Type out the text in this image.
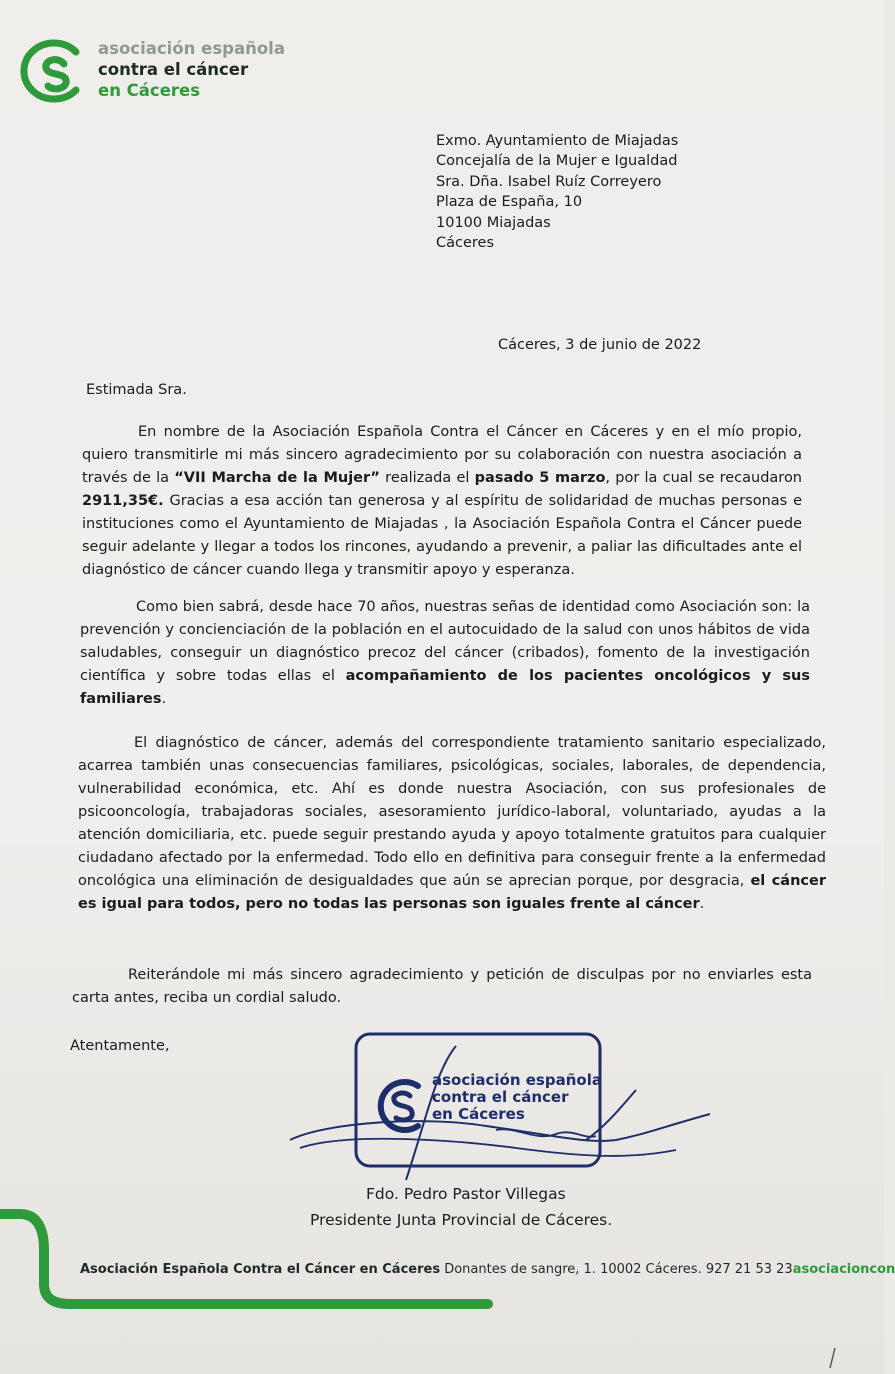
asociación española
contra el cáncer
en Cáceres
Exmo. Ayuntamiento de Miajadas
Concejalía de la Mujer e Igualdad
Sra. Dña. Isabel Ruíz Correyero
Plaza de España, 10
10100 Miajadas
Cáceres
Cáceres, 3 de junio de 2022
Estimada Sra.
En nombre de la Asociación Española Contra el Cáncer en Cáceres y en el mío propio, quiero transmitirle mi más sincero agradecimiento por su colaboración con nuestra asociación a través de la “VII Marcha de la Mujer” realizada el pasado 5 marzo, por la cual se recaudaron 2911,35€. Gracias a esa acción tan generosa y al espíritu de solidaridad de muchas personas e instituciones como el Ayuntamiento de Miajadas , la Asociación Española Contra el Cáncer puede seguir adelante y llegar a todos los rincones, ayudando a prevenir, a paliar las dificultades ante el diagnóstico de cáncer cuando llega y transmitir apoyo y esperanza.
Como bien sabrá, desde hace 70 años, nuestras señas de identidad como Asociación son: la prevención y concienciación de la población en el autocuidado de la salud con unos hábitos de vida saludables, conseguir un diagnóstico precoz del cáncer (cribados), fomento de la investigación científica y sobre todas ellas el acompañamiento de los pacientes oncológicos y sus familiares.
El diagnóstico de cáncer, además del correspondiente tratamiento sanitario especializado, acarrea también unas consecuencias familiares, psicológicas, sociales, laborales, de dependencia, vulnerabilidad económica, etc. Ahí es donde nuestra Asociación, con sus profesionales de psicooncología, trabajadoras sociales, asesoramiento jurídico-laboral, voluntariado, ayudas a la atención domiciliaria, etc. puede seguir prestando ayuda y apoyo totalmente gratuitos para cualquier ciudadano afectado por la enfermedad. Todo ello en definitiva para conseguir frente a la enfermedad oncológica una eliminación de desigualdades que aún se aprecian porque, por desgracia, el cáncer es igual para todos, pero no todas las personas son iguales frente al cáncer.
Reiterándole mi más sincero agradecimiento y petición de disculpas por no enviarles esta carta antes, reciba un cordial saludo.
Atentamente,
asociación española
contra el cáncer
en Cáceres
Fdo. Pedro Pastor Villegas
Presidente Junta Provincial de Cáceres.
Asociación Española Contra el Cáncer en Cáceres Donantes de sangre, 1. 10002 Cáceres. 927 21 53 23asociacioncon
